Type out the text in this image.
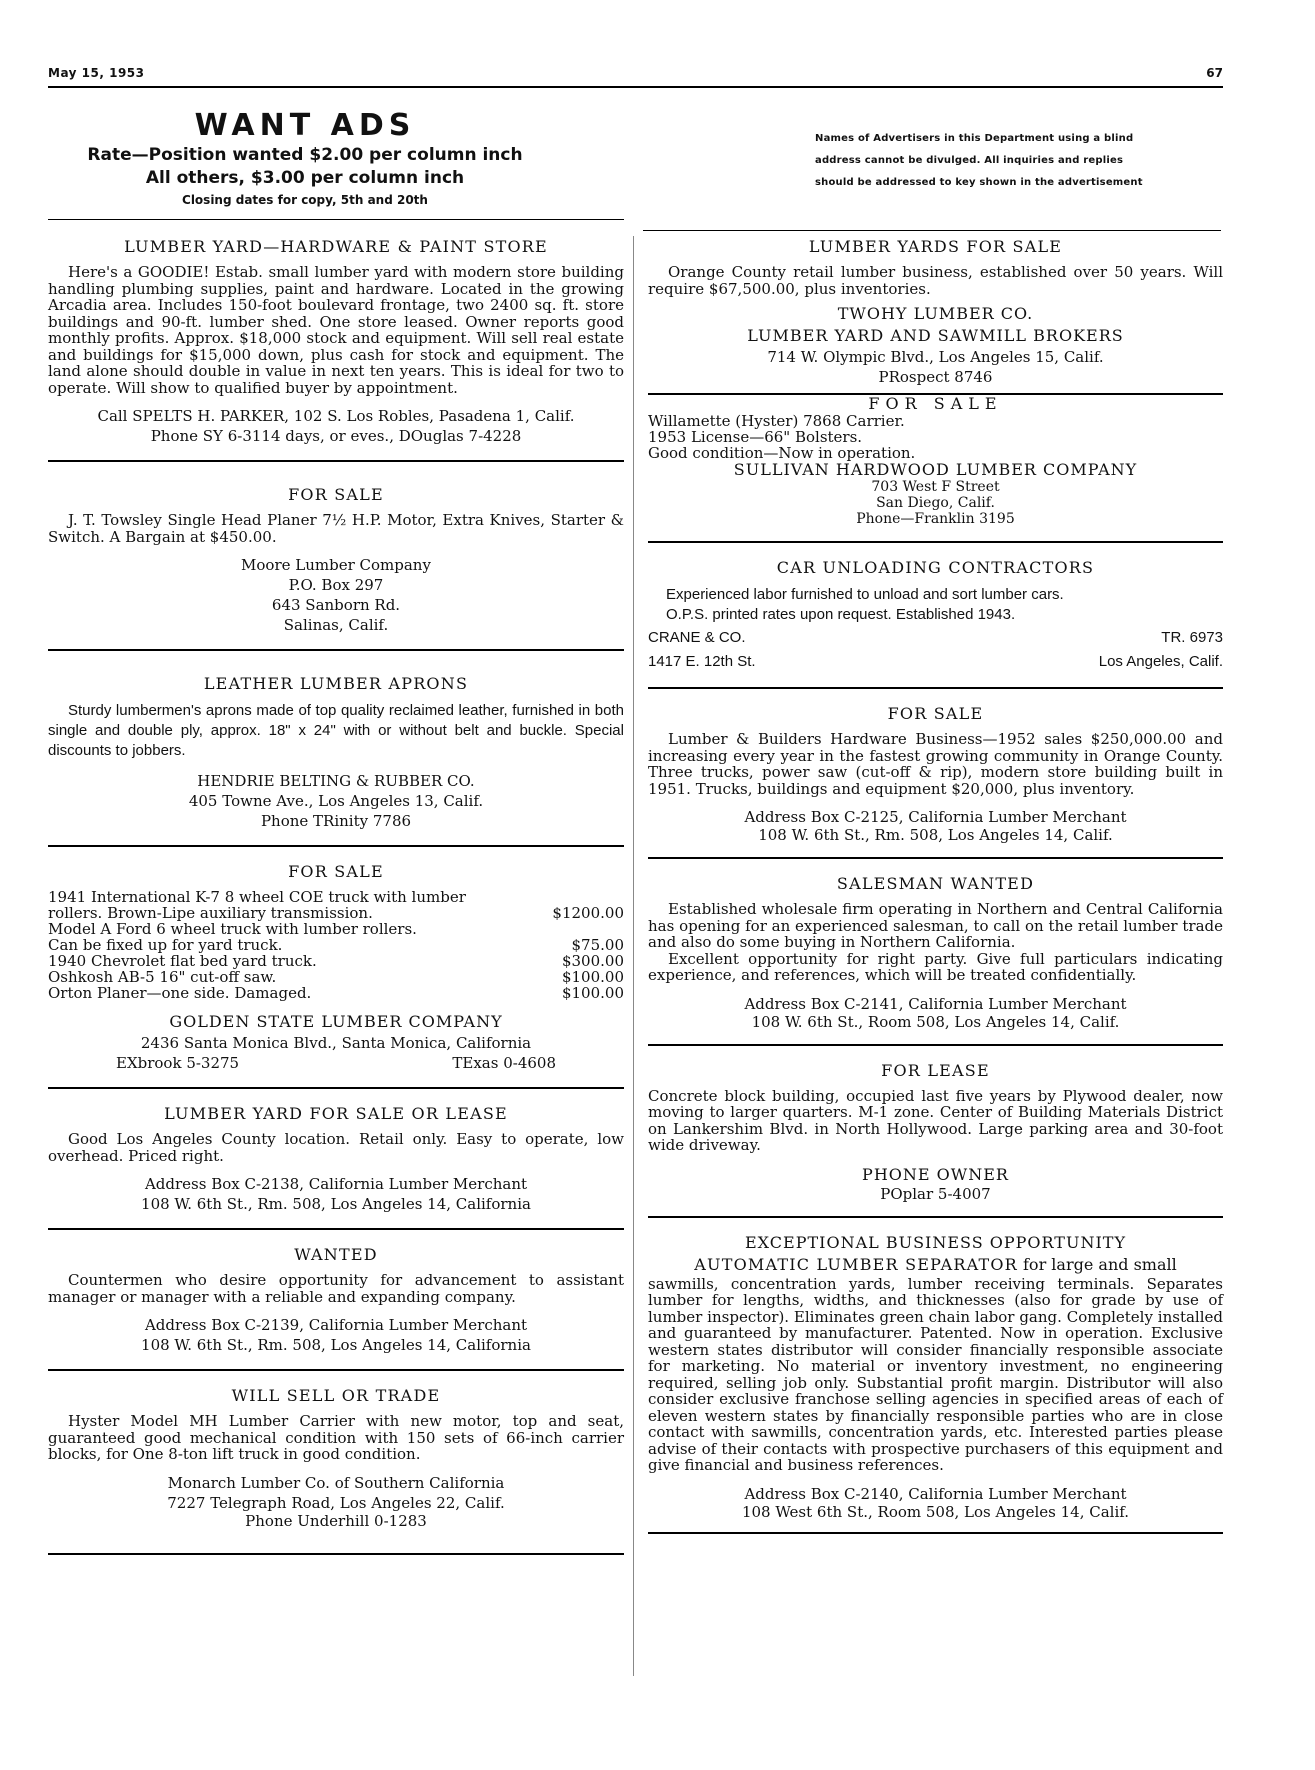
May 15, 1953	67
WANT ADS
Rate—Position wanted $2.00 per column inch
All others, $3.00 per column inch
Closing dates for copy, 5th and 20th
Names of Advertisers in this Department using a blind
address cannot be divulged. All inquiries and replies
should be addressed to key shown in the advertisement
LUMBER YARD—HARDWARE & PAINT STORE

Here's a GOODIE! Estab. small lumber yard with modern store building handling plumbing supplies, paint and hardware. Located in the growing Arcadia area. Includes 150-foot boulevard frontage, two 2400 sq. ft. store buildings and 90-ft. lumber shed. One store leased. Owner reports good monthly profits. Approx. $18,000 stock and equipment. Will sell real estate and buildings for $15,000 down, plus cash for stock and equipment. The land alone should double in value in next ten years. This is ideal for two to operate. Will show to qualified buyer by appointment.

Call SPELTS H. PARKER, 102 S. Los Robles, Pasadena 1, Calif.
Phone SY 6-3114 days, or eves., DOuglas 7-4228
FOR SALE

J. T. Towsley Single Head Planer 7½ H.P. Motor, Extra Knives, Starter & Switch. A Bargain at $450.00.

Moore Lumber Company
P.O. Box 297
643 Sanborn Rd.
Salinas, Calif.
LEATHER LUMBER APRONS

Sturdy lumbermen's aprons made of top quality reclaimed leather, furnished in both single and double ply, approx. 18" x 24" with or without belt and buckle. Special discounts to jobbers.

HENDRIE BELTING & RUBBER CO.
405 Towne Ave., Los Angeles 13, Calif.
Phone TRinity 7786
FOR SALE
1941 International K-7 8 wheel COE truck with lumber
rollers. Brown-Lipe auxiliary transmission.	$1200.00
Model A Ford 6 wheel truck with lumber rollers.
Can be fixed up for yard truck.	$75.00
1940 Chevrolet flat bed yard truck.	$300.00
Oshkosh AB-5 16" cut-off saw.	$100.00
Orton Planer—one side. Damaged.	$100.00
GOLDEN STATE LUMBER COMPANY
2436 Santa Monica Blvd., Santa Monica, California
EXbrook 5-3275	TExas 0-4608
LUMBER YARD FOR SALE OR LEASE

Good Los Angeles County location. Retail only. Easy to operate, low overhead. Priced right.

Address Box C-2138, California Lumber Merchant
108 W. 6th St., Rm. 508, Los Angeles 14, California
WANTED

Countermen who desire opportunity for advancement to assistant manager or manager with a reliable and expanding company.

Address Box C-2139, California Lumber Merchant
108 W. 6th St., Rm. 508, Los Angeles 14, California
WILL SELL OR TRADE

Hyster Model MH Lumber Carrier with new motor, top and seat, guaranteed good mechanical condition with 150 sets of 66-inch carrier blocks, for One 8-ton lift truck in good condition.

Monarch Lumber Co. of Southern California
7227 Telegraph Road, Los Angeles 22, Calif.
Phone Underhill 0-1283
LUMBER YARDS FOR SALE

Orange County retail lumber business, established over 50 years. Will require $67,500.00, plus inventories.

TWOHY LUMBER CO.
LUMBER YARD AND SAWMILL BROKERS
714 W. Olympic Blvd., Los Angeles 15, Calif.
PRospect 8746
FOR SALE
Willamette (Hyster) 7868 Carrier.
1953 License—66" Bolsters.
Good condition—Now in operation.
SULLIVAN HARDWOOD LUMBER COMPANY
703 West F Street
San Diego, Calif.
Phone—Franklin 3195
CAR UNLOADING CONTRACTORS
Experienced labor furnished to unload and sort lumber cars.
O.P.S. printed rates upon request. Established 1943.
CRANE & CO.	TR. 6973
1417 E. 12th St.	Los Angeles, Calif.
FOR SALE

Lumber & Builders Hardware Business—1952 sales $250,000.00 and increasing every year in the fastest growing community in Orange County. Three trucks, power saw (cut-off & rip), modern store building built in 1951. Trucks, buildings and equipment $20,000, plus inventory.

Address Box C-2125, California Lumber Merchant
108 W. 6th St., Rm. 508, Los Angeles 14, Calif.
SALESMAN WANTED

Established wholesale firm operating in Northern and Central California has opening for an experienced salesman, to call on the retail lumber trade and also do some buying in Northern California.

Excellent opportunity for right party. Give full particulars indicating experience, and references, which will be treated confidentially.

Address Box C-2141, California Lumber Merchant
108 W. 6th St., Room 508, Los Angeles 14, Calif.
FOR LEASE

Concrete block building, occupied last five years by Plywood dealer, now moving to larger quarters. M-1 zone. Center of Building Materials District on Lankershim Blvd. in North Hollywood. Large parking area and 30-foot wide driveway.

PHONE OWNER
POplar 5-4007
EXCEPTIONAL BUSINESS OPPORTUNITY
AUTOMATIC LUMBER SEPARATOR for large and small

sawmills, concentration yards, lumber receiving terminals. Separates lumber for lengths, widths, and thicknesses (also for grade by use of lumber inspector). Eliminates green chain labor gang. Completely installed and guaranteed by manufacturer. Patented. Now in operation. Exclusive western states distributor will consider financially responsible associate for marketing. No material or inventory investment, no engineering required, selling job only. Substantial profit margin. Distributor will also consider exclusive franchose selling agencies in specified areas of each of eleven western states by financially responsible parties who are in close contact with sawmills, concentration yards, etc. Interested parties please advise of their contacts with prospective purchasers of this equipment and give financial and business references.

Address Box C-2140, California Lumber Merchant
108 West 6th St., Room 508, Los Angeles 14, Calif.
